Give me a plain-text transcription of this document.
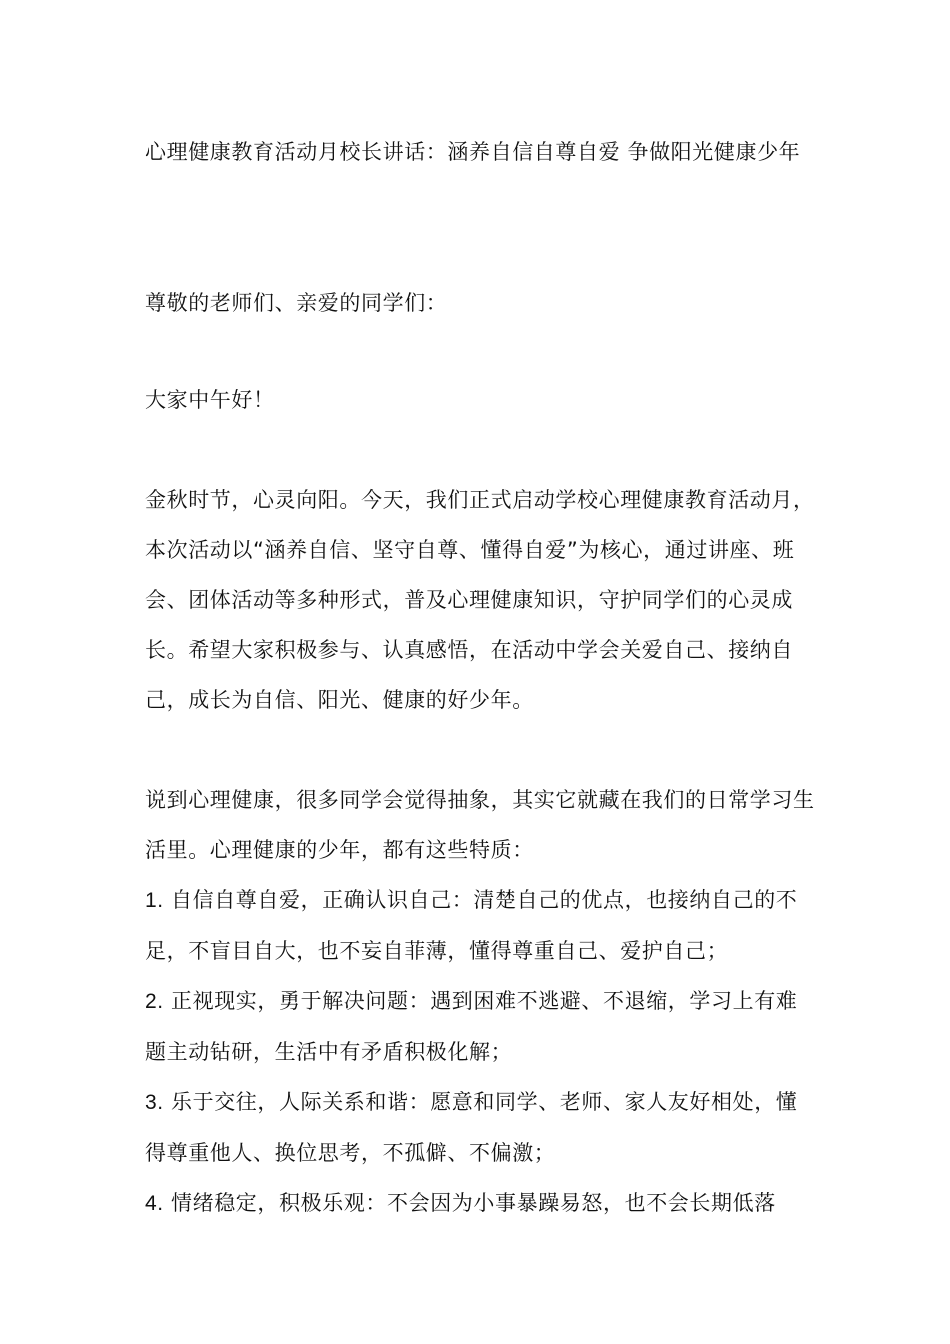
心理健康教育活动月校长讲话：涵养自信自尊自爱 争做阳光健康少年
尊敬的老师们、亲爱的同学们：
大家中午好！
金秋时节，心灵向阳。今天，我们正式启动学校心理健康教育活动月，本次活动以“涵养自信、坚守自尊、懂得自爱”为核心，通过讲座、班会、团体活动等多种形式，普及心理健康知识，守护同学们的心灵成长。希望大家积极参与、认真感悟，在活动中学会关爱自己、接纳自己，成长为自信、阳光、健康的好少年。
说到心理健康，很多同学会觉得抽象，其实它就藏在我们的日常学习生活里。心理健康的少年，都有这些特质：
1. 自信自尊自爱，正确认识自己：清楚自己的优点，也接纳自己的不足，不盲目自大，也不妄自菲薄，懂得尊重自己、爱护自己；
2. 正视现实，勇于解决问题：遇到困难不逃避、不退缩，学习上有难题主动钻研，生活中有矛盾积极化解；
3. 乐于交往，人际关系和谐：愿意和同学、老师、家人友好相处，懂得尊重他人、换位思考，不孤僻、不偏激；
4. 情绪稳定，积极乐观：不会因为小事暴躁易怒，也不会长期低落
